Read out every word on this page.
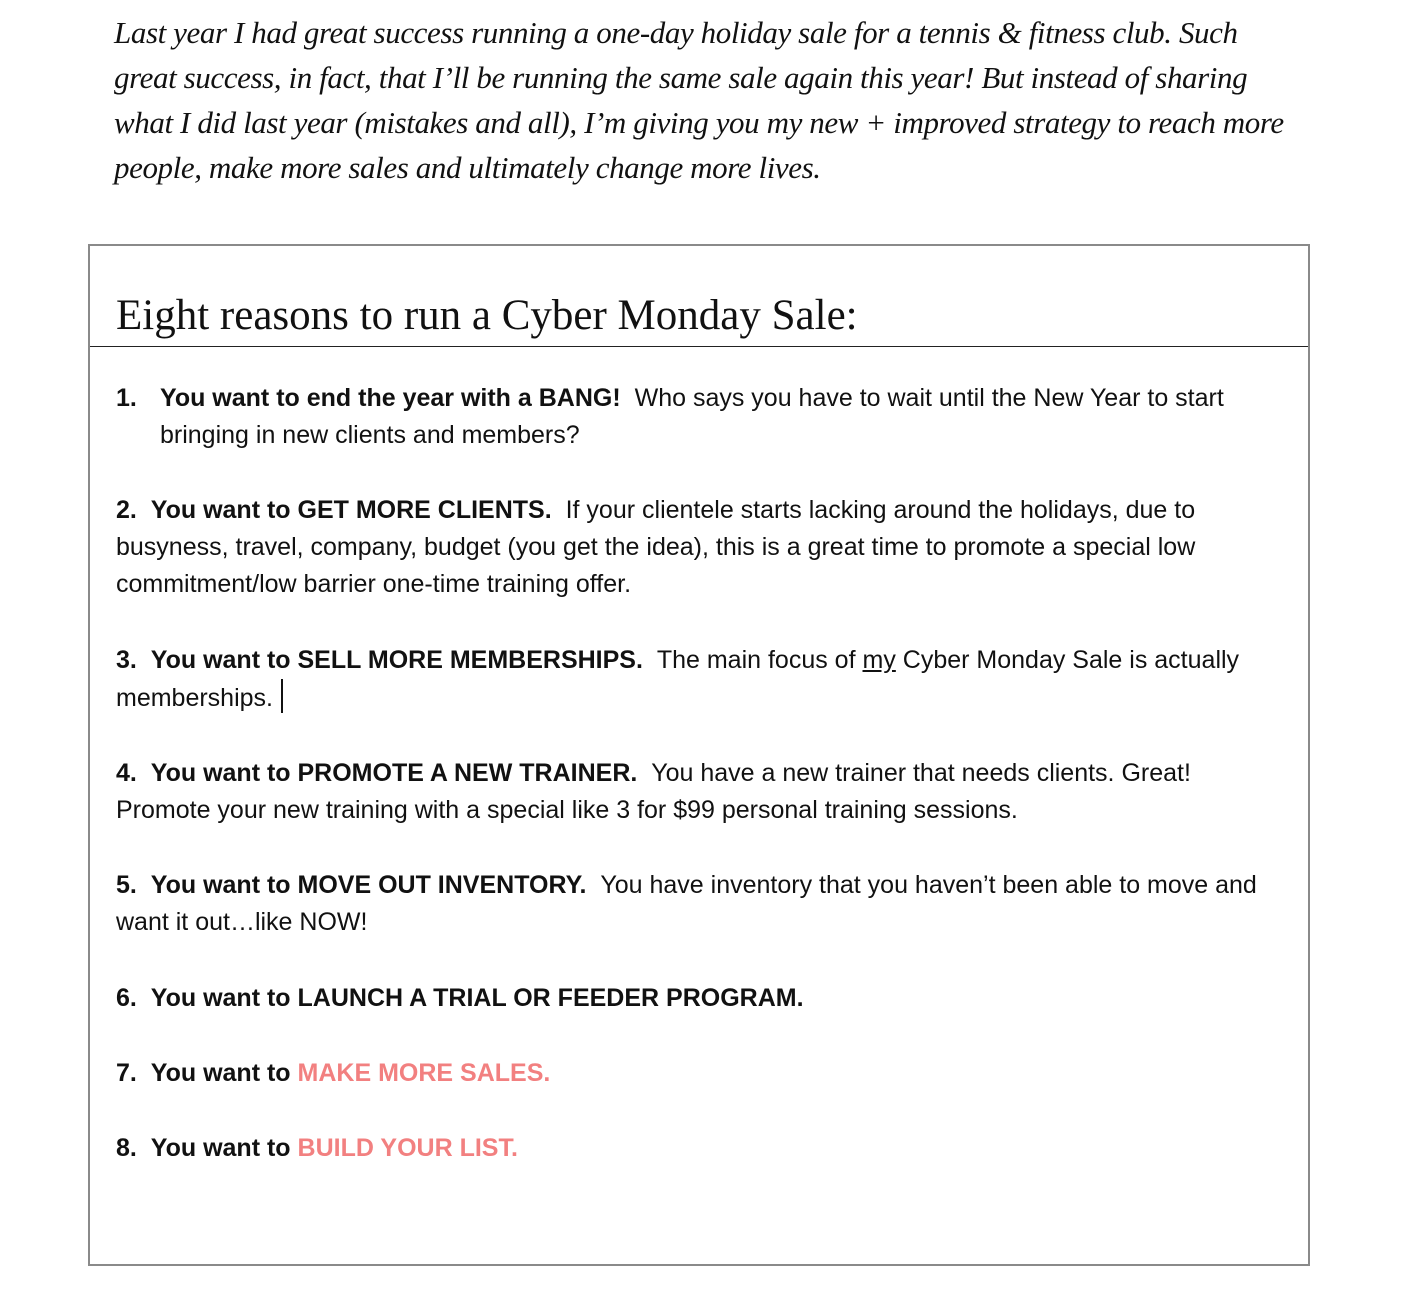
Last year I had great success running a one-day holiday sale for a tennis & fitness club. Such great success, in fact, that I’ll be running the same sale again this year! But instead of sharing what I did last year (mistakes and all), I’m giving you my new + improved strategy to reach more people, make more sales and ultimately change more lives.

Eight reasons to run a Cyber Monday Sale:
1. You want to end the year with a BANG! Who says you have to wait until the New Year to start bringing in new clients and members?
2. You want to GET MORE CLIENTS. If your clientele starts lacking around the holidays, due to busyness, travel, company, budget (you get the idea), this is a great time to promote a special low commitment/low barrier one-time training offer.
3. You want to SELL MORE MEMBERSHIPS. The main focus of my Cyber Monday Sale is actually memberships.
4. You want to PROMOTE A NEW TRAINER. You have a new trainer that needs clients. Great! Promote your new training with a special like 3 for $99 personal training sessions.
5. You want to MOVE OUT INVENTORY. You have inventory that you haven’t been able to move and want it out…like NOW!
6. You want to LAUNCH A TRIAL OR FEEDER PROGRAM.
7. You want to MAKE MORE SALES.
8. You want to BUILD YOUR LIST.
